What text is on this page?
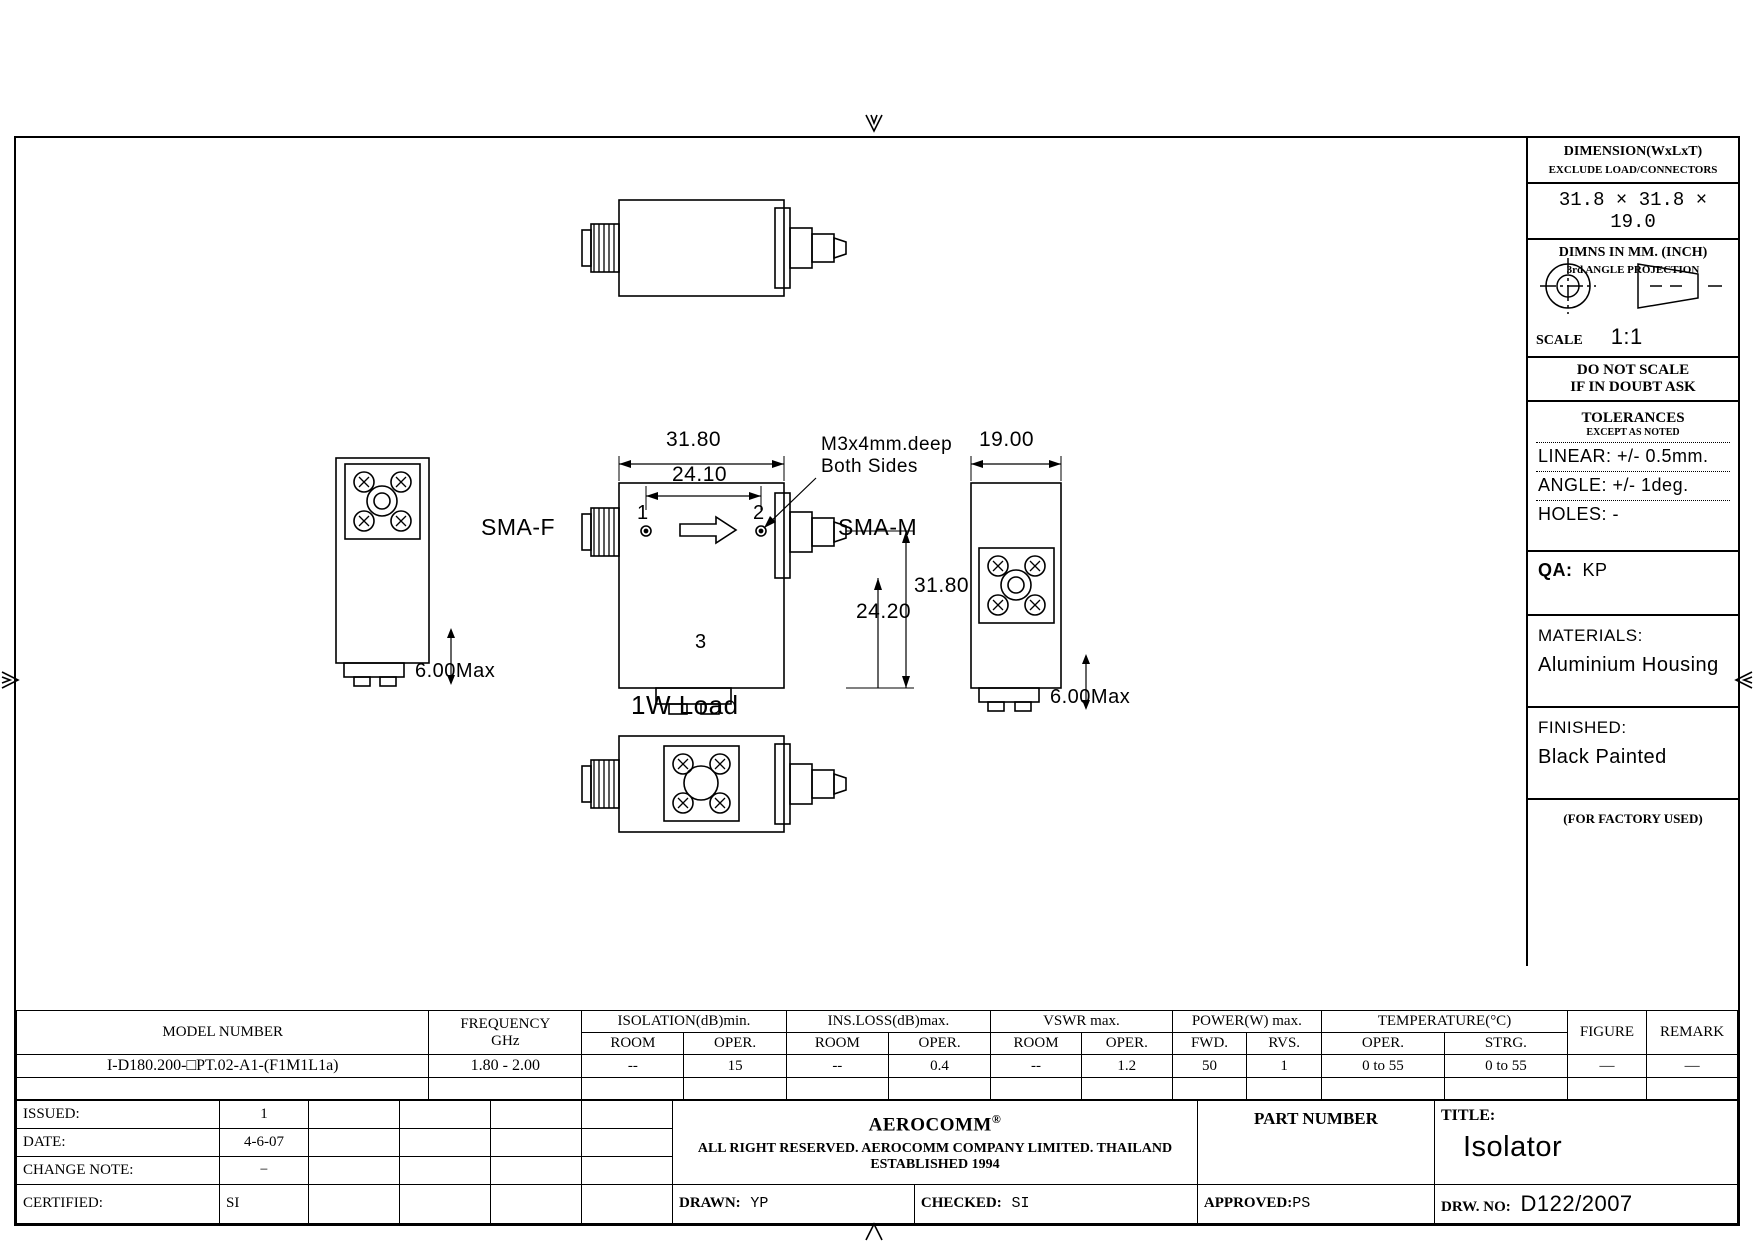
31.80
24.10
19.00
M3x4mm.deep
Both Sides
SMA-F	SMA-M
1	2
3
31.80
24.20
6.00Max
6.00Max
1W Load
DIMENSION(WxLxT)
EXCLUDE LOAD/CONNECTORS
31.8 × 31.8 × 19.0
DIMNS IN MM. (INCH)
3rd ANGLE PROJECTION
SCALE 1:1
DO NOT SCALE
IF IN DOUBT ASK
TOLERANCES
EXCEPT AS NOTED
LINEAR: +/- 0.5mm.
ANGLE: +/- 1deg.
HOLES: -
QA: KP
MATERIALS:
Aluminium Housing
FINISHED:
Black Painted
(FOR FACTORY USED)
MODEL NUMBER	FREQUENCY
GHz	ISOLATION(dB)min.		INS.LOSS(dB)max.		VSWR max.		POWER(W) max.		TEMPERATURE(°C)		FIGURE	REMARK
		ROOM	OPER.	ROOM	OPER.	ROOM	OPER.	FWD.	RVS.	OPER.	STRG.		
I-D180.200-□PT.02-A1-(F1M1L1a)	1.80 - 2.00	--	15	--	0.4	--	1.2	50	1	0 to 55	0 to 55	—	—

ISSUED:	1					
AEROCOMM®
ALL RIGHT RESERVED. AEROCOMM COMPANY LIMITED. THAILAND
ESTABLISHED 1994

PART NUMBER	TITLE:
Isolator

DATE:	4-6-07								
CHANGE NOTE:	−								
CERTIFIED:	SI					DRAWN: YP	CHECKED: SI	APPROVED:PS	DRW. NO: D122/2007
